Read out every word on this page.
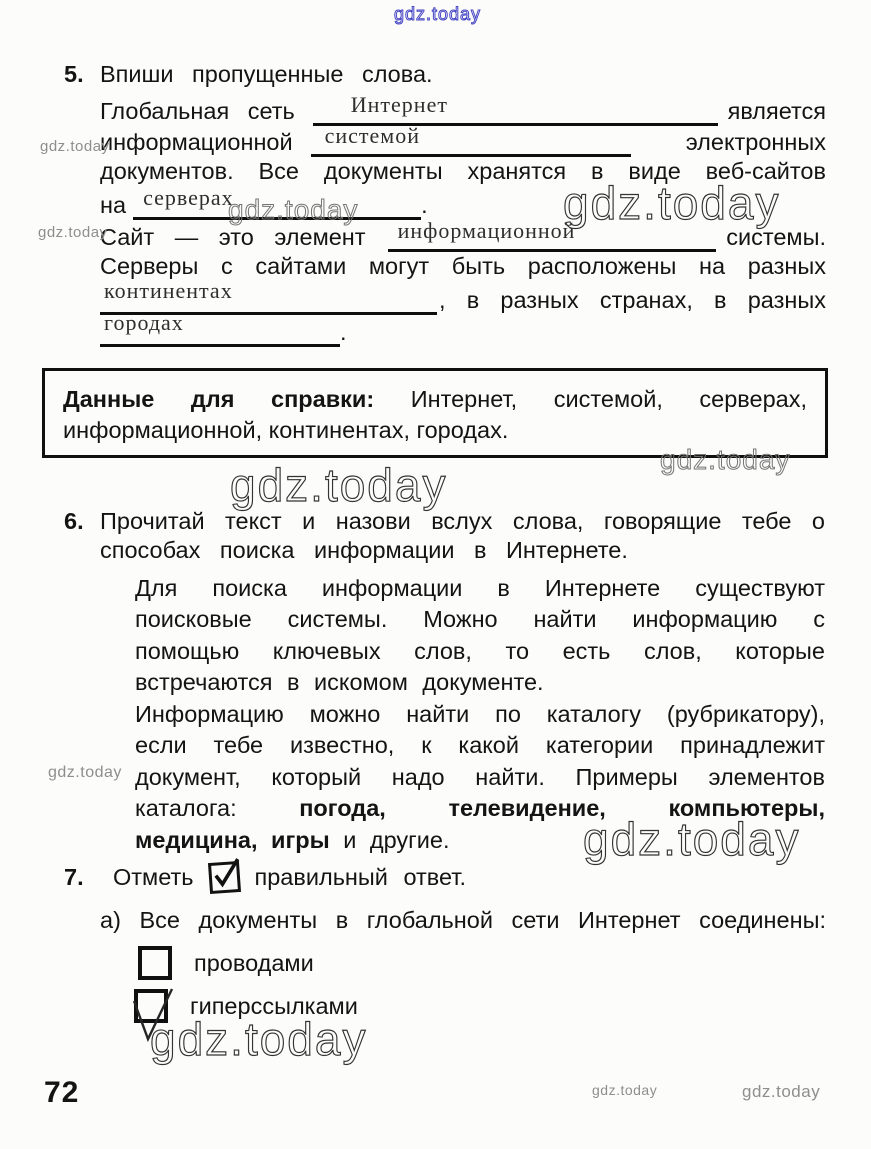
gdz.today
gdz.today
gdz.today	gdz.today
gdz.today
gdz.today
gdz.today
gdz.today
gdz.today
gdz.today
gdz.today	gdz.today
5. Впиши пропущенные слова.
Глобальная сеть	Интернет	является
информационной системой	электронных
документов. Все документы хранятся в виде веб-сайтов
на серверах	.
Сайт — это элемент информационной	системы.
Серверы с сайтами могут быть расположены на разных
континентах	, в разных странах, в разных
городах	.
Данные для справки: Интернет, системой, серверах,
информационной, континентах, городах.
6. Прочитай текст и назови вслух слова, говорящие тебе о
способах поиска информации в Интернете.
Для поиска информации в Интернете существуют
поисковые системы. Можно найти информацию с
помощью ключевых слов, то есть слов, которые
встречаются в искомом документе.
Информацию можно найти по каталогу (рубрикатору),
если тебе известно, к какой категории принадлежит
документ, который надо найти. Примеры элементов
каталога:	погода,	телевидение,	компьютеры,
медицина, игры и другие.
7.	Отметь	правильный ответ.
а) Все документы в глобальной сети Интернет соединены:
проводами
гиперссылками
72
